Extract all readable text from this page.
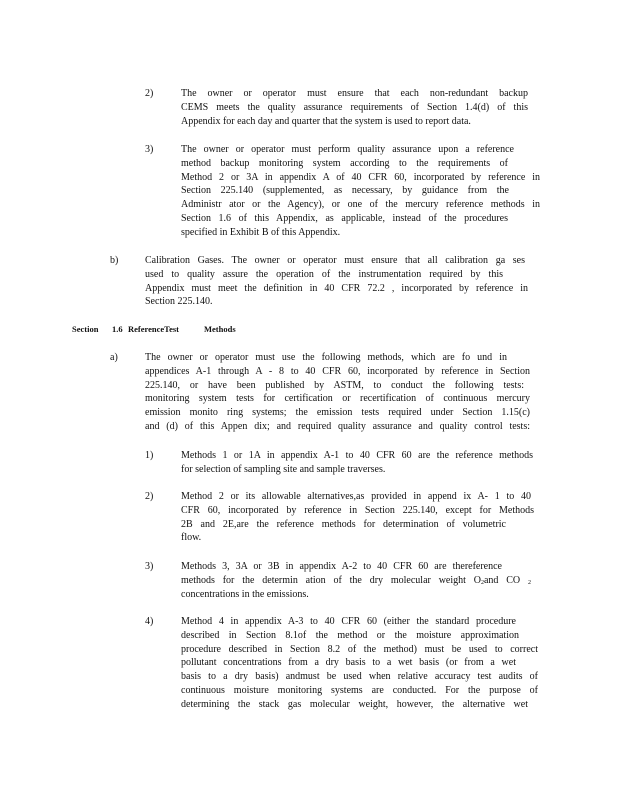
2)	The owner or operator must ensure that each non-redundant backup
CEMS meets the quality assurance requirements of Section 1.4(d) of this
Appendix for each day and quarter that the system is used to report data.
3)	The owner or operator must perform quality assurance upon a reference
method backup monitoring system according to the requirements of
Method 2 or 3A in appendix A of 40 CFR 60, incorporated by reference in
Section 225.140 (supplemented, as necessary, by guidance from the
Administr ator or the Agency), or one of the mercury reference methods in
Section 1.6 of this Appendix, as applicable, instead of the procedures
specified in Exhibit B of this Appendix.
b)	Calibration Gases. The owner or operator must ensure that all calibration ga ses
used to quality assure the operation of the instrumentation required by this
Appendix must meet the definition in 40 CFR 72.2 , incorporated by reference in
Section 225.140.
Section 1.6 ReferenceTest	Methods
a)	The owner or operator must use the following methods, which are fo und in
appendices A-1 through A - 8 to 40 CFR 60, incorporated by reference in Section
225.140, or have been published by ASTM, to conduct the following tests:
monitoring system tests for certification or recertification of continuous mercury
emission monito ring systems; the emission tests required under Section 1.15(c)
and (d) of this Appen dix; and required quality assurance and quality control tests:
1)	Methods 1 or 1A in appendix A-1 to 40 CFR 60 are the reference methods
for selection of sampling site and sample traverses.
2)	Method 2 or its allowable alternatives,as provided in append ix A- 1 to 40
CFR 60, incorporated by reference in Section 225.140, except for Methods
2B and 2E,are the reference methods for determination of volumetric
flow.
3)	Methods 3, 3A or 3B in appendix A-2 to 40 CFR 60 are thereference
methods for the determin ation of the dry molecular weight $O_2and$ CO $_2$
concentrations in the emissions.
4)	Method 4 in appendix A-3 to 40 CFR 60 (either the standard procedure
described in Section 8.1of the method or the moisture approximation
procedure described in Section 8.2 of the method) must be used to correct
pollutant concentrations from a dry basis to a wet basis (or from a wet
basis to a dry basis) andmust be used when relative accuracy test audits of
continuous moisture monitoring systems are conducted. For the purpose of
determining the stack gas molecular weight, however, the alternative wet
